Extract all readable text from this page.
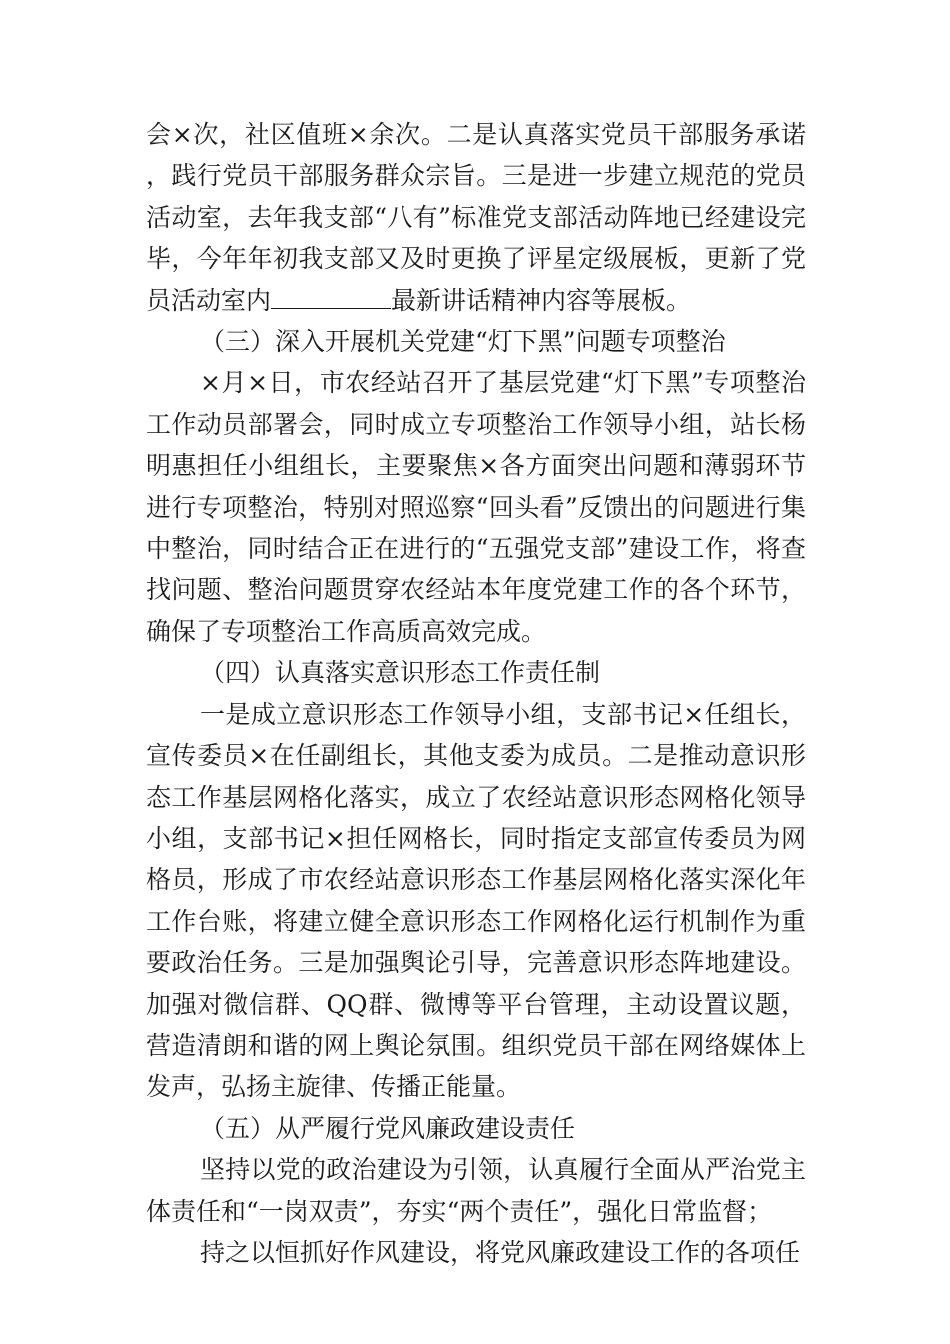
会×次，社区值班×余次。二是认真落实党员干部服务承诺，践行党员干部服务群众宗旨。三是进一步建立规范的党员活动室，去年我支部“八有”标准党支部活动阵地已经建设完毕，今年年初我支部又及时更换了评星定级展板，更新了党员活动室内	最新讲话精神内容等展板。

（三）深入开展机关党建“灯下黑”问题专项整治

×月×日，市农经站召开了基层党建“灯下黑”专项整治工作动员部署会，同时成立专项整治工作领导小组，站长杨明惠担任小组组长，主要聚焦×各方面突出问题和薄弱环节进行专项整治，特别对照巡察“回头看”反馈出的问题进行集中整治，同时结合正在进行的“五强党支部”建设工作，将查找问题、整治问题贯穿农经站本年度党建工作的各个环节，确保了专项整治工作高质高效完成。

（四）认真落实意识形态工作责任制

一是成立意识形态工作领导小组，支部书记×任组长，宣传委员×在任副组长，其他支委为成员。二是推动意识形态工作基层网格化落实，成立了农经站意识形态网格化领导小组，支部书记×担任网格长，同时指定支部宣传委员为网格员，形成了市农经站意识形态工作基层网格化落实深化年工作台账，将建立健全意识形态工作网格化运行机制作为重要政治任务。三是加强舆论引导，完善意识形态阵地建设。加强对微信群、QQ群、微博等平台管理，主动设置议题，营造清朗和谐的网上舆论氛围。组织党员干部在网络媒体上发声，弘扬主旋律、传播正能量。

（五）从严履行党风廉政建设责任

坚持以党的政治建设为引领，认真履行全面从严治党主体责任和“一岗双责”，夯实“两个责任”，强化日常监督；

持之以恒抓好作风建设，将党风廉政建设工作的各项任
